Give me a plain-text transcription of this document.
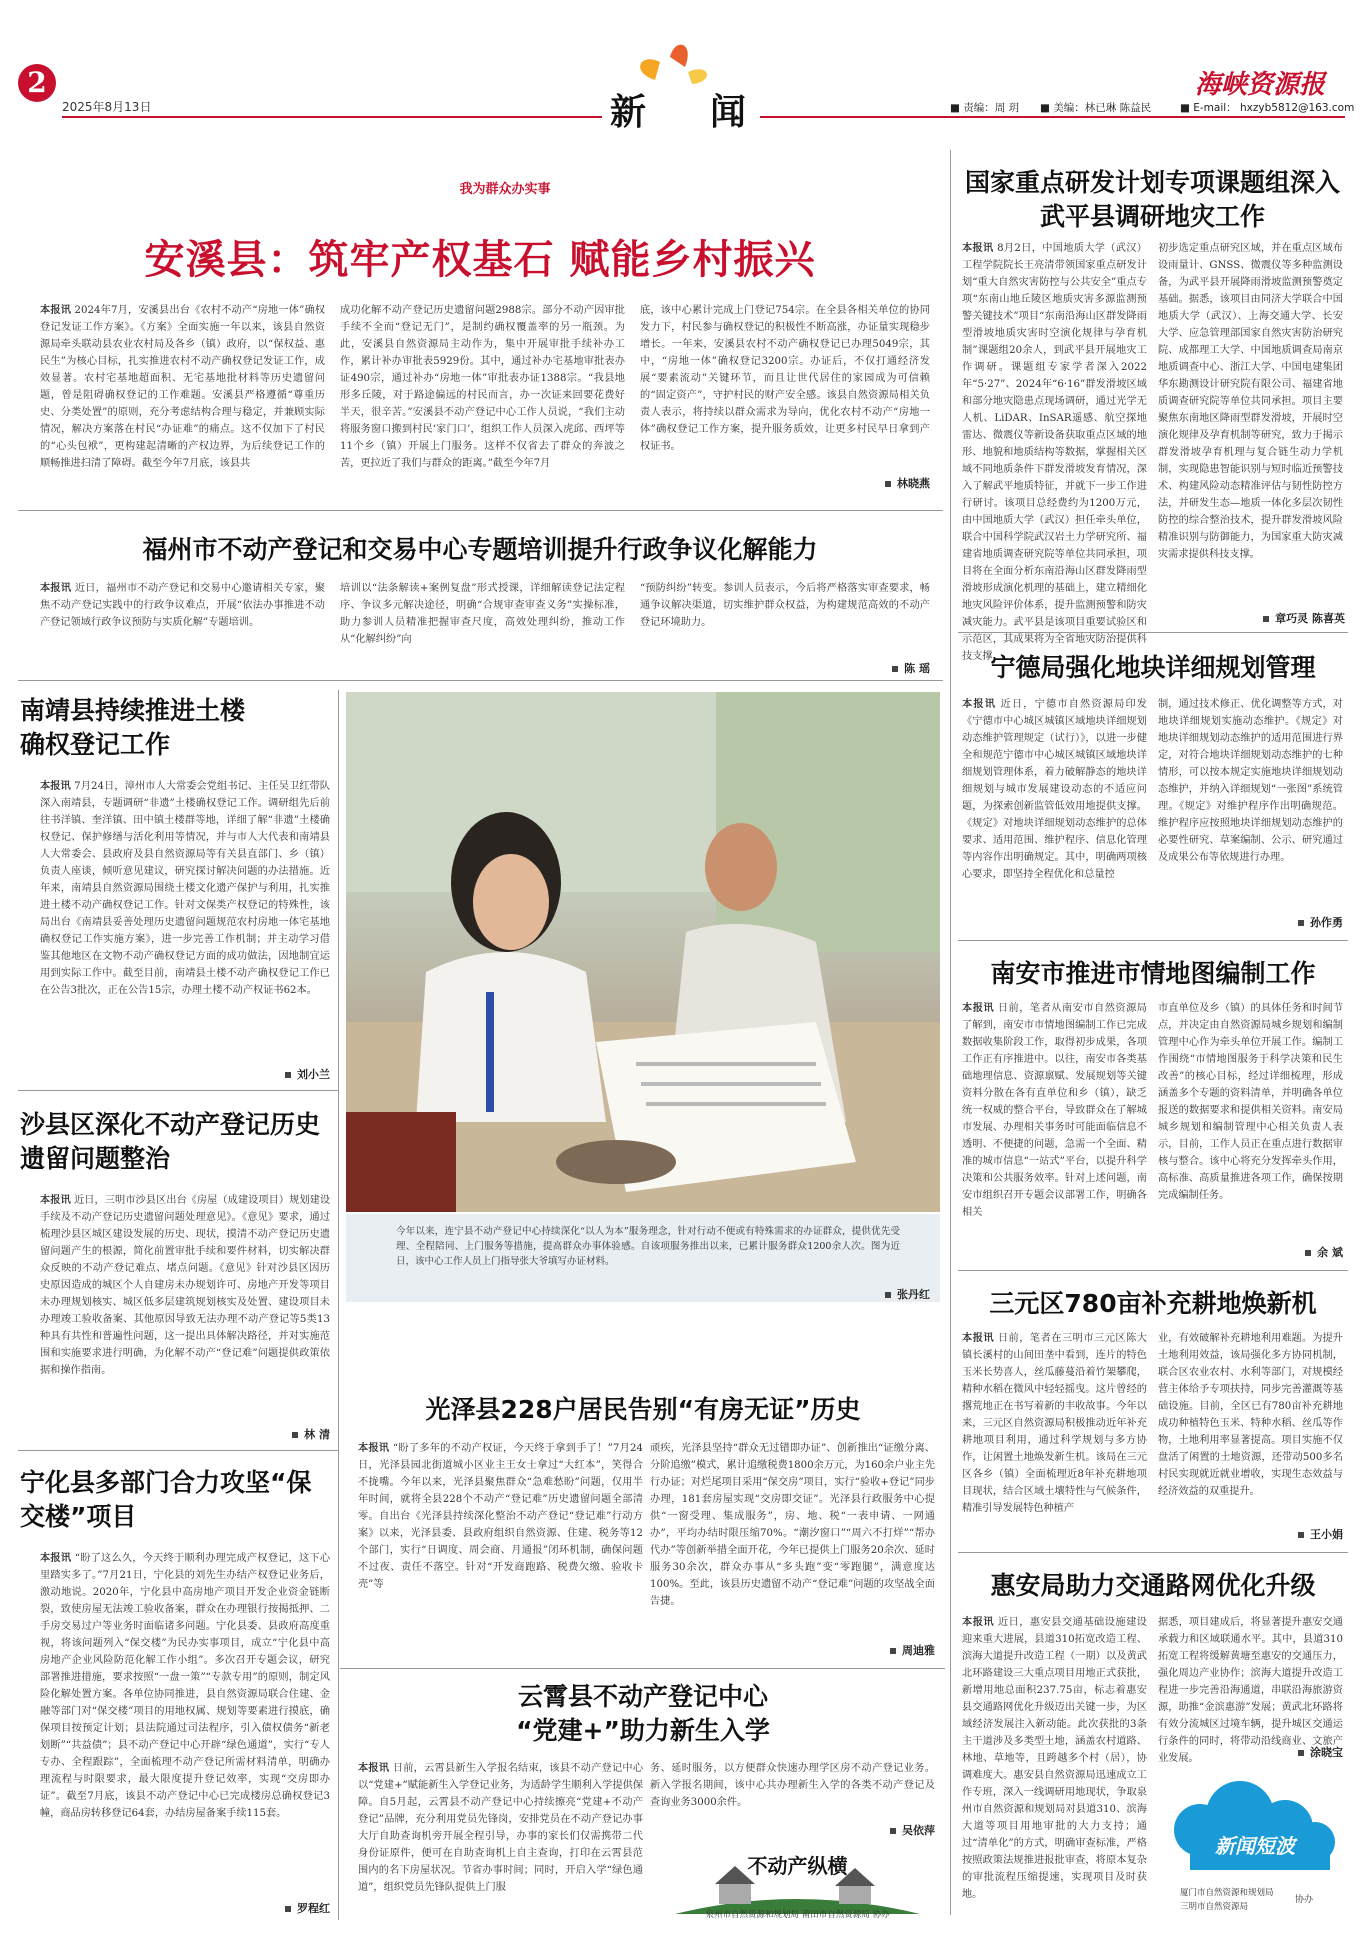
2
2025年8月13日	新 闻
海峡资源报
■ 责编：周 玥 ■ 美编：林已琳 陈益民	■ E-mail： hxzyb5812@163.com
我为群众办实事
安溪县：筑牢产权基石 赋能乡村振兴
本报讯 2024年7月，安溪县出台《农村不动产“房地一体”确权登记发证工作方案》。《方案》全面实施一年以来，该县自然资源局牵头联动县农业农村局及各乡（镇）政府，以“保权益、惠民生”为核心目标，扎实推进农村不动产确权登记发证工作，成效显著。农村宅基地超面积、无宅基地批材料等历史遗留问题，曾是阻碍确权登记的工作难题。安溪县严格遵循“尊重历史、分类处置”的原则，充分考虑结构合理与稳定，并兼顾实际情况，解决方案落在村民“办证难”的痛点。这不仅加下了村民的“心头包袱”，更构建起清晰的产权边界，为后续登记工作的顺畅推进扫清了障碍。截至今年7月底，该县共
成功化解不动产登记历史遗留问题2988宗。部分不动产因审批手续不全而“登记无门”，是制约确权覆盖率的另一瓶颈。为此，安溪县自然资源局主动作为，集中开展审批手续补办工作，累计补办审批表5929份。其中，通过补办宅基地审批表办证490宗，通过补办“房地一体”审批表办证1388宗。“我县地形多丘陵，对于路途偏远的村民而言，办一次证来回要花费好半天，很辛苦。”安溪县不动产登记中心工作人员说，“我们主动将服务窗口搬到村民‘家门口’，组织工作人员深入虎邱、西坪等11个乡（镇）开展上门服务。这样不仅省去了群众的奔波之苦，更拉近了我们与群众的距离。”截至今年7月
底，该中心累计完成上门登记754宗。在全县各相关单位的协同发力下，村民参与确权登记的积极性不断高涨，办证量实现稳步增长。一年来，安溪县农村不动产确权登记已办理5049宗，其中，“房地一体”确权登记3200宗。办证后，不仅打通经济发展“要素流动”关键环节，而且让世代居住的家园成为可信赖的“固定资产”，守护村民的财产安全感。该县自然资源局相关负责人表示，将持续以群众需求为导向，优化农村不动产“房地一体”确权登记工作方案，提升服务质效，让更多村民早日拿到产权证书。
林晓燕
福州市不动产登记和交易中心专题培训提升行政争议化解能力
本报讯 近日，福州市不动产登记和交易中心邀请相关专家，聚焦不动产登记实践中的行政争议难点，开展“依法办事推进不动产登记领域行政争议预防与实质化解”专题培训。
培训以“法条解读+案例复盘”形式授课，详细解读登记法定程序、争议多元解决途径，明确“合规审查审查义务”实操标准，助力参训人员精准把握审查尺度，高效处理纠纷，推动工作从“化解纠纷”向
“预防纠纷”转变。参训人员表示，今后将严格落实审查要求，畅通争议解决渠道，切实维护群众权益，为构建规范高效的不动产登记环境助力。
陈 瑶
国家重点研发计划专项课题组深入武平县调研地灾工作
本报讯 8月2日，中国地质大学（武汉）工程学院院长王亮清带领国家重点研发计划“重大自然灾害防控与公共安全”重点专项“东南山地丘陵区地质灾害多源监测预警关键技术”项目“东南沿海山区群发降雨型滑坡地质灾害时空演化规律与孕育机制”课题组20余人，到武平县开展地灾工作调研。课题组专家学者深入2022年“5·27”、2024年“6·16”群发滑坡区域和部分地灾隐患点现场调研，通过光学无人机、LiDAR、InSAR遥感、航空探地雷达、微震仪等新设备获取重点区域的地形、地貌和地质结构等数据，掌握相关区域不同地质条件下群发滑坡发育情况，深入了解武平地质特征，并就下一步工作进行研讨。该项目总经费约为1200万元，由中国地质大学（武汉）担任牵头单位，联合中国科学院武汉岩土力学研究所、福建省地质调查研究院等单位共同承担，项目将在全面分析东南沿海山区群发降雨型滑坡形成演化机理的基础上，建立精细化地灾风险评价体系，提升监测预警和防灾减灾能力。武平县是该项目重要试验区和示范区，其成果将为全省地灾防治提供科技支撑。
初步选定重点研究区域，并在重点区域布设雨量计、GNSS、微震仪等多种监测设备，为武平县开展降雨滑坡监测预警奠定基础。据悉，该项目由同济大学联合中国地质大学（武汉）、上海交通大学、长安大学、应急管理部国家自然灾害防治研究院、成都理工大学、中国地质调查局南京地质调查中心、浙江大学、中国电建集团华东勘测设计研究院有限公司、福建省地质调查研究院等单位共同承担。项目主要聚焦东南地区降雨型群发滑坡，开展时空演化规律及孕育机制等研究，致力于揭示群发滑坡孕育机理与复合链生动力学机制，实现隐患智能识别与短时临近预警技术、构建风险动态精准评估与韧性防控方法，并研发生态—地质一体化多层次韧性防控的综合整治技术，提升群发滑坡风险精准识别与防御能力，为国家重大防灾减灾需求提供科技支撑。
章巧灵 陈喜英
南靖县持续推进土楼确权登记工作
本报讯 7月24日，漳州市人大常委会党组书记、主任吴卫红带队深入南靖县，专题调研“非遗”土楼确权登记工作。调研组先后前往书洋镇、奎洋镇、田中镇土楼群等地，详细了解“非遗”土楼确权登记、保护修缮与活化利用等情况，并与市人大代表和南靖县人大常委会、县政府及县自然资源局等有关县直部门、乡（镇）负责人座谈，倾听意见建议，研究探讨解决问题的办法措施。近年来，南靖县自然资源局围绕土楼文化遗产保护与利用，扎实推进土楼不动产确权登记工作。针对文保类产权登记的特殊性，该局出台《南靖县妥善处理历史遗留问题规范农村房地一体宅基地确权登记工作实施方案》，进一步完善工作机制；并主动学习借鉴其他地区在文物不动产确权登记方面的成功做法，因地制宜运用到实际工作中。截至目前，南靖县土楼不动产确权登记工作已在公告3批次，正在公告15宗，办理土楼不动产权证书62本。
刘小兰
沙县区深化不动产登记历史遗留问题整治
本报讯 近日，三明市沙县区出台《房屋（成建设项目）规划建设手续及不动产登记历史遗留问题处理意见》。《意见》要求，通过梳理沙县区城区建设发展的历史、现状，摸清不动产登记历史遗留问题产生的根源，简化前置审批手续和要件材料，切实解决群众反映的不动产登记难点、堵点问题。《意见》针对沙县区因历史原因造成的城区个人自建房未办规划许可、房地产开发等项目未办理规划核实、城区低多层建筑规划核实及处置、建设项目未办理竣工验收备案、其他原因导致无法办理不动产登记等5类13种具有共性和普遍性问题，这一提出具体解决路径，并对实施范围和实施要求进行明确，为化解不动产“登记难”问题提供政策依据和操作指南。
林 清
宁化县多部门合力攻坚“保交楼”项目
本报讯 “盼了这么久，今天终于顺利办理完成产权登记，这下心里踏实多了。”7月21日，宁化县的刘先生办结产权登记业务后，激动地说。2020年，宁化县中高房地产项目开发企业资金链断裂，致使房屋无法竣工验收备案，群众在办理银行按揭抵押、二手房交易过户等业务时面临诸多问题。宁化县委、县政府高度重视，将该问题列入“保交楼”为民办实事项目，成立“宁化县中高房地产企业风险防范化解工作小组”。多次召开专题会议，研究部署推进措施，要求按照“一盘一策”“专款专用”的原则，制定风险化解处置方案。各单位协同推进，县自然资源局联合住建、金融等部门对“保交楼”项目的用地权属、规划等要素进行摸底，确保项目按预定计划；县法院通过司法程序，引入债权债务“新老划断”“共益债”；县不动产登记中心开辟“绿色通道”，实行“专人专办、全程跟踪”，全面梳理不动产登记所需材料清单，明确办理流程与时限要求，最大限度提升登记效率，实现“交房即办证”。截至7月底，该县不动产登记中心已完成楼房总确权登记3幢，商品房转移登记64套，办结房屋备案手续115套。
罗程红
今年以来，连宁县不动产登记中心持续深化“以人为本”服务理念，针对行动不便或有特殊需求的办证群众，提供优先受理、全程陪同、上门服务等措施，提高群众办事体验感。自该项服务推出以来，已累计服务群众1200余人次。图为近日，该中心工作人员上门指导张大爷填写办证材料。
张丹红
光泽县228户居民告别“有房无证”历史
本报讯 “盼了多年的不动产权证，今天终于拿到手了！”7月24日，光泽县园北街道城小区业主王女士拿过“大红本”，笑得合不拢嘴。今年以来，光泽县聚焦群众“急难愁盼”问题，仅用半年时间，就将全县228个不动产“登记难”历史遗留问题全部清零。自出台《光泽县持续深化整治不动产登记“登记难”行动方案》以来，光泽县委、县政府组织自然资源、住建、税务等12个部门，实行“日调度、周会商、月通报”闭环机制，确保问题不过夜、责任不落空。针对“开发商跑路、税费欠缴、验收卡壳”等
顽疾，光泽县坚持“群众无过错即办证”、创新推出“证缴分离、分阶追缴”模式，累计追缴税费1800余万元，为160余户业主先行办证；对烂尾项目采用“保交房”项目，实行“验收+登记”同步办理，181套房屋实现“交房即交证”。光泽县行政服务中心提供“一窗受理、集成服务”，房、地、税“一表申请、一网通办”，平均办结时限压缩70%。“潮汐窗口”“周六不打烊”“帮办代办”等创新举措全面开花，今年已提供上门服务20余次、延时服务30余次，群众办事从“多头跑”变“零跑腿”，满意度达100%。至此，该县历史遗留不动产“登记难”问题的攻坚战全面告捷。
周迪雅
云霄县不动产登记中心
“党建+”助力新生入学
本报讯 日前，云霄县新生入学报名结束，该县不动产登记中心以“党建+”赋能新生入学登记业务，为适龄学生顺利入学提供保障。自5月起，云霄县不动产登记中心持续擦亮“党建+不动产登记”品牌，充分利用党员先锋岗，安排党员在不动产登记办事大厅自助查询机旁开展全程引导，办事的家长们仅需携带二代身份证原件，便可在自助查询机上自主查询，打印在云霄县范围内的名下房屋状况。节省办事时间；同时，开启入学“绿色通道”，组织党员先锋队提供上门服
务、延时服务，以方便群众快速办理学区房不动产登记业务。新入学报名期间，该中心共办理新生入学的各类不动产登记及查询业务3000余件。
吴依萍
不动产纵横
泉州市自然资源和规划局 莆田市自然资源局 协办
宁德局强化地块详细规划管理
本报讯 近日，宁德市自然资源局印发《宁德市中心城区城镇区域地块详细规划动态维护管理规定（试行）》，以进一步健全和规范宁德市中心城区城镇区域地块详细规划管理体系，着力破解静态的地块详细规划与城市发展建设动态的不适应问题，为探索创新监管低效用地提供支撑。《规定》对地块详细规划动态维护的总体要求、适用范围、维护程序、信息化管理等内容作出明确规定。其中，明确两项核心要求，即坚持全程优化和总量控
制，通过技术修正、优化调整等方式，对地块详细规划实施动态维护。《规定》对地块详细规划动态维护的适用范围进行界定，对符合地块详细规划动态维护的七种情形，可以按本规定实施地块详细规划动态维护，并纳入详细规划“一张图”系统管理。《规定》对维护程序作出明确规范。维护程序应按照地块详细规划动态维护的必要性研究、草案编制、公示、研究通过及成果公布等依规进行办理。
孙作勇
南安市推进市情地图编制工作
本报讯 日前，笔者从南安市自然资源局了解到，南安市市情地图编制工作已完成数据收集阶段工作，取得初步成果，各项工作正有序推进中。以往，南安市各类基础地理信息、资源禀赋、发展规划等关键资料分散在各有直单位和乡（镇），缺乏统一权威的整合平台，导致群众在了解城市发展、办理相关事务时可能面临信息不透明、不便捷的问题，急需一个全面、精准的城市信息“一站式”平台，以提升科学决策和公共服务效率。针对上述问题，南安市组织召开专题会议部署工作，明确各相关
市直单位及乡（镇）的具体任务和时间节点，并决定由自然资源局城乡规划和编制管理中心作为牵头单位开展工作。编制工作围绕“市情地图服务于科学决策和民生改善”的核心目标，经过详细梳理，形成涵盖多个专题的资料清单，并明确各单位报送的数据要求和提供相关资料。南安局城乡规划和编制管理中心相关负责人表示，目前，工作人员正在重点进行数据审核与整合。该中心将充分发挥牵头作用，高标准、高质量推进各项工作，确保按期完成编制任务。
余 斌
三元区780亩补充耕地焕新机
本报讯 日前，笔者在三明市三元区陈大镇长溪村的山间田垄中看到，连片的特色玉米长势喜人，丝瓜藤蔓沿着竹架攀爬，精种水稻在微风中轻轻摇曳。这片曾经的撂荒地正在书写着新的丰收故事。今年以来，三元区自然资源局积极推动近年补充耕地项目利用，通过科学规划与多方协作，让闲置土地焕发新生机。该局在三元区各乡（镇）全面梳理近8年补充耕地项目现状，结合区域土壤特性与气候条件，精准引导发展特色种植产
业，有效破解补充耕地利用难题。为提升土地利用效益，该局强化多方协同机制，联合区农业农村、水利等部门，对规模经营主体给予专项扶持，同步完善灌溉等基础设施。目前，全区已有780亩补充耕地成功种植特色玉米、特种水稻、丝瓜等作物，土地利用率显著提高。项目实施不仅盘活了闲置的土地资源，还带动500多名村民实现就近就业增收，实现生态效益与经济效益的双重提升。
王小娟
惠安局助力交通路网优化升级
本报讯 近日，惠安县交通基础设施建设迎来重大进展，县道310拓宽改造工程、滨海大道提升改造工程（一期）以及黄武北环路建设三大重点项目用地正式获批，新增用地总面积237.75亩，标志着惠安县交通路网优化升级迈出关键一步，为区域经济发展注入新动能。此次获批的3条主干道涉及多类型土地，涵盖农村道路、林地、草地等，且跨越多个村（居），协调难度大。惠安县自然资源局迅速成立工作专班，深入一线调研用地现状，争取泉州市自然资源和规划局对县道310、滨海大道等项目用地审批的大力支持；通过“清单化”的方式，明确审查标准，严格按照政策法规推进报批审查，将原本复杂的审批流程压缩提速，实现项目及时获地。
据悉，项目建成后，将显著提升惠安交通承载力和区域联通水平。其中，县道310拓宽工程将缓解黄塘至惠安的交通压力，强化周边产业协作；滨海大道提升改造工程进一步完善沿海通道，串联沿海旅游资源，助推“金滨惠游”发展；黄武北环路将有效分流城区过境车辆，提升城区交通运行条件的同时，将带动沿线商业、文旅产业发展。	涂晓宝
新闻短波
厦门市自然资源和规划局
三明市自然资源局
协办
